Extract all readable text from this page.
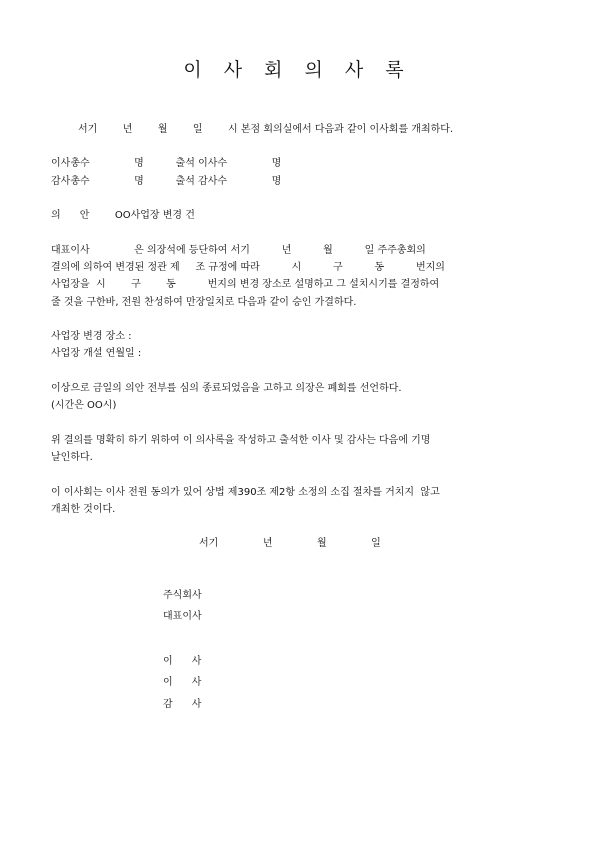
이 사 회 의 사 록
서기        년        월        일        시 본점 회의실에서 다음과 같이 이사회를 개최하다.
이사총수              명          출석 이사수              명
감사총수              명          출석 감사수              명
의      안        OO사업장 변경 건
대표이사              은 의장석에 등단하여 서기          년          월          일 주주총회의
결의에 의하여 변경된 정관 제     조 규정에 따라          시          구          동          번지의
사업장을  시        구        동          번지의 변경 장소로 설명하고 그 설치시기를 결정하여
줄 것을 구한바, 전원 찬성하여 만장일치로 다음과 같이 승인 가결하다.
사업장 변경 장소 :
사업장 개설 연월일 :
이상으로 금일의 의안 전부를 심의 종료되었음을 고하고 의장은 폐회를 선언하다.
(시간은 OO시)
위 결의를 명확히 하기 위하여 이 의사록을 작성하고 출석한 이사 및 감사는 다음에 기명
날인하다.
이 이사회는 이사 전원 동의가 있어 상법 제390조 제2항 소정의 소집 절차를 거치지  않고
개최한 것이다.
서기              년              월              일
주식회사
대표이사
이      사
이      사
감      사
